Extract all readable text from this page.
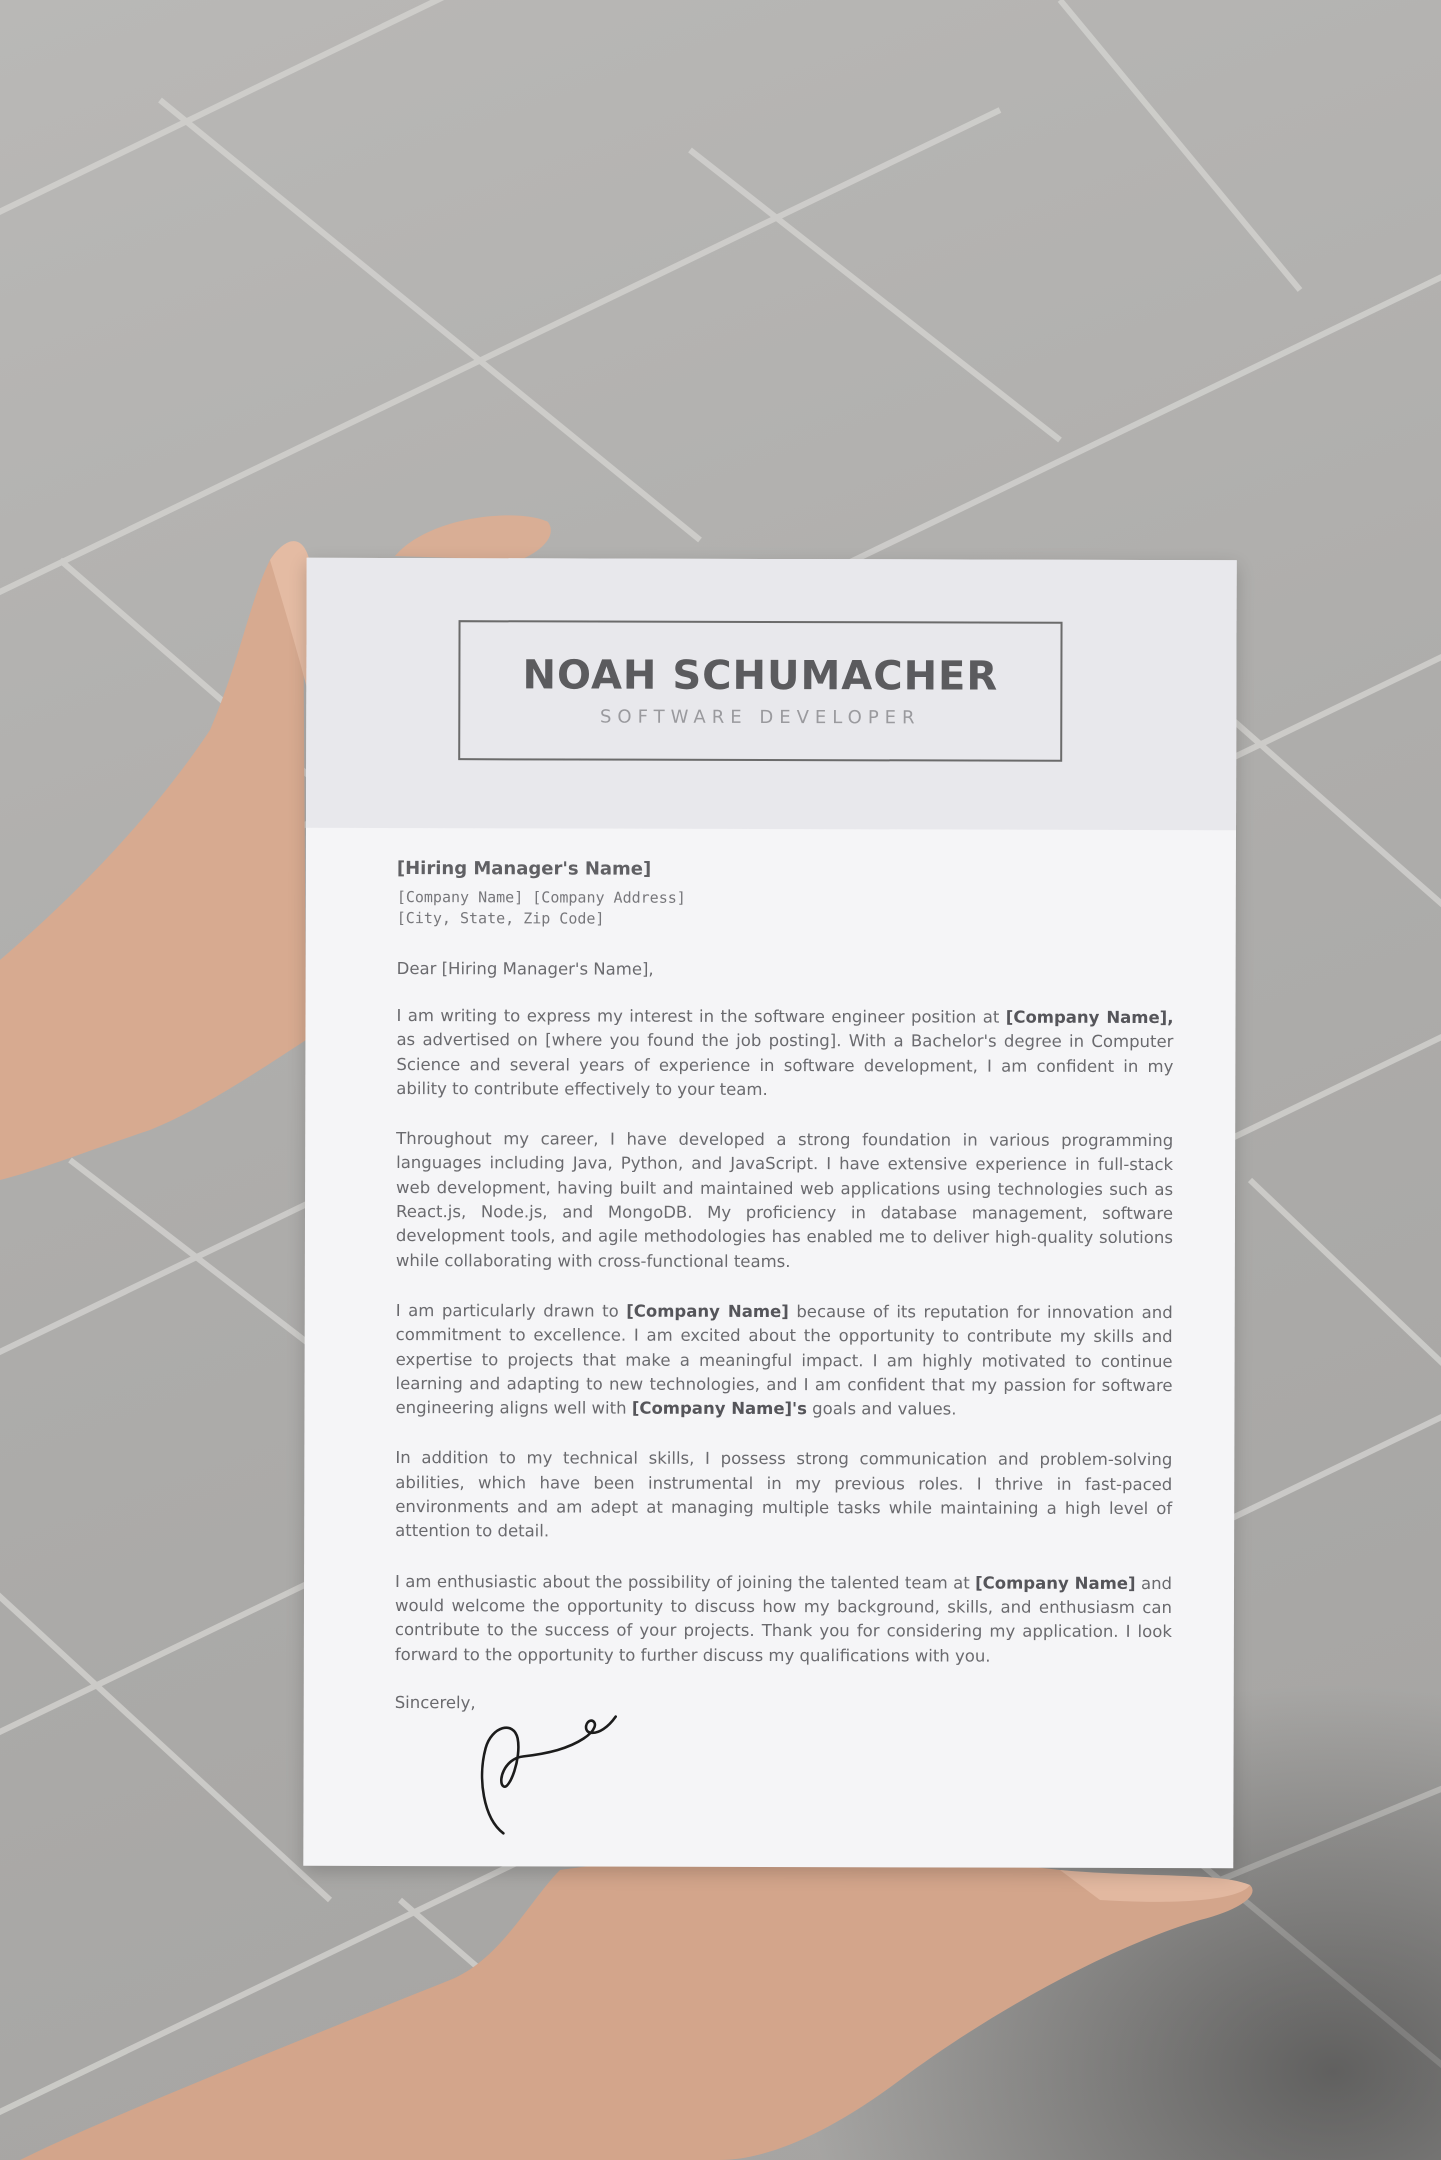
NOAH SCHUMACHER
SOFTWARE DEVELOPER
[Hiring Manager's Name]
[Company Name] [Company Address]
[City, State, Zip Code]
Dear [Hiring Manager's Name],

I am writing to express my interest in the software engineer position at [Company Name], as advertised on [where you found the job posting]. With a Bachelor's degree in Computer Science and several years of experience in software development, I am confident in my ability to contribute effectively to your team.

Throughout my career, I have developed a strong foundation in various programming languages including Java, Python, and JavaScript. I have extensive experience in full-stack web development, having built and maintained web applications using technologies such as React.js, Node.js, and MongoDB. My proficiency in database management, software development tools, and agile methodologies has enabled me to deliver high-quality solutions while collaborating with cross-functional teams.

I am particularly drawn to [Company Name] because of its reputation for innovation and commitment to excellence. I am excited about the opportunity to contribute my skills and expertise to projects that make a meaningful impact. I am highly motivated to continue learning and adapting to new technologies, and I am confident that my passion for software engineering aligns well with [Company Name]'s goals and values.

In addition to my technical skills, I possess strong communication and problem-solving abilities, which have been instrumental in my previous roles. I thrive in fast-paced environments and am adept at managing multiple tasks while maintaining a high level of attention to detail.

I am enthusiastic about the possibility of joining the talented team at [Company Name] and would welcome the opportunity to discuss how my background, skills, and enthusiasm can contribute to the success of your projects. Thank you for considering my application. I look forward to the opportunity to further discuss my qualifications with you.

Sincerely,
